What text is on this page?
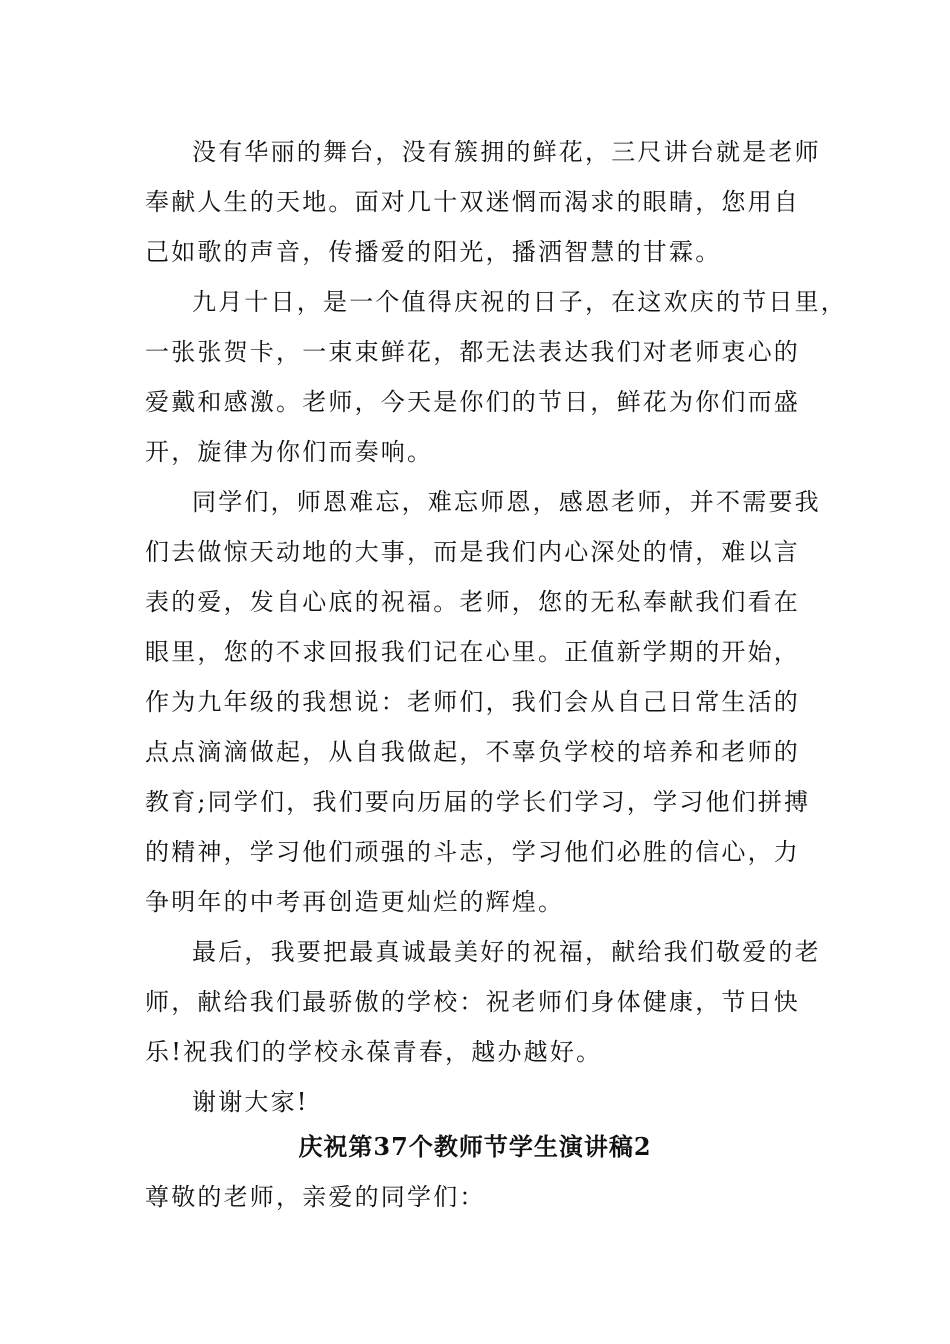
没有华丽的舞台，没有簇拥的鲜花，三尺讲台就是老师
奉献人生的天地。面对几十双迷惘而渴求的眼睛，您用自
己如歌的声音，传播爱的阳光，播洒智慧的甘霖。
九月十日，是一个值得庆祝的日子，在这欢庆的节日里，
一张张贺卡，一束束鲜花，都无法表达我们对老师衷心的
爱戴和感激。老师，今天是你们的节日，鲜花为你们而盛
开，旋律为你们而奏响。
同学们，师恩难忘，难忘师恩，感恩老师，并不需要我
们去做惊天动地的大事，而是我们内心深处的情，难以言
表的爱，发自心底的祝福。老师，您的无私奉献我们看在
眼里，您的不求回报我们记在心里。正值新学期的开始，
作为九年级的我想说：老师们，我们会从自己日常生活的
点点滴滴做起，从自我做起，不辜负学校的培养和老师的
教育;同学们，我们要向历届的学长们学习，学习他们拼搏
的精神，学习他们顽强的斗志，学习他们必胜的信心，力
争明年的中考再创造更灿烂的辉煌。
最后，我要把最真诚最美好的祝福，献给我们敬爱的老
师，献给我们最骄傲的学校：祝老师们身体健康，节日快
乐!祝我们的学校永葆青春，越办越好。
谢谢大家!
庆祝第37个教师节学生演讲稿2
尊敬的老师，亲爱的同学们：
